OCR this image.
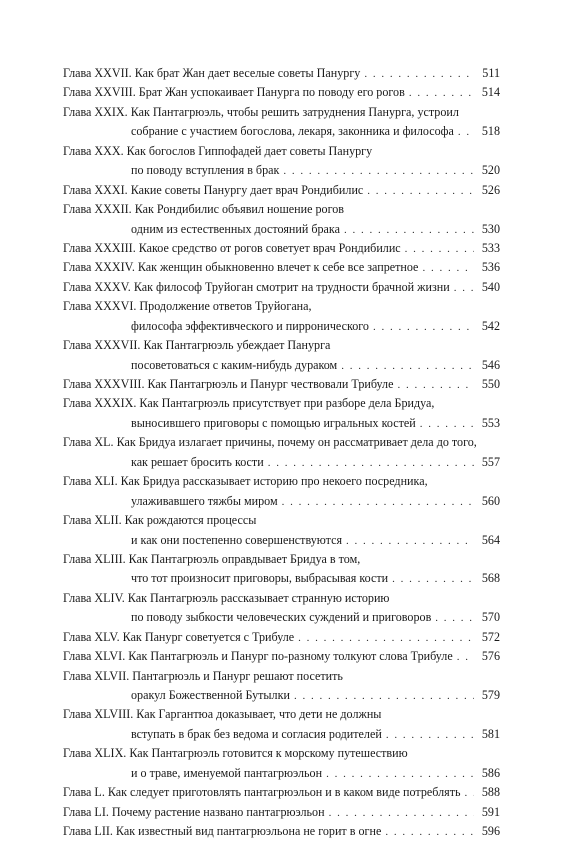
Глава XXVII. Как брат Жан дает веселые советы Панургу . . .	511
Глава XXVIII. Брат Жан успокаивает Панурга по поводу его рогов . . .	514
Глава XXIX. Как Пантагрюэль, чтобы решить затруднения Панурга, устроил
собрание с участием богослова, лекаря, законника и философа . . .	518
Глава XXX. Как богослов Гиппофадей дает советы Панургу
по поводу вступления в брак . . .	520
Глава XXXI. Какие советы Панургу дает врач Рондибилис . . .	526
Глава XXXII. Как Рондибилис объявил ношение рогов
одним из естественных достояний брака . . .	530
Глава XXXIII. Какое средство от рогов советует врач Рондибилис . . .	533
Глава XXXIV. Как женщин обыкновенно влечет к себе все запретное . . .	536
Глава XXXV. Как философ Труйоган смотрит на трудности брачной жизни . . .	540
Глава XXXVI. Продолжение ответов Труйогана,
философа эффективческого и пирронического . . .	542
Глава XXXVII. Как Пантагрюэль убеждает Панурга
посоветоваться с каким-нибудь дураком . . .	546
Глава XXXVIII. Как Пантагрюэль и Панург чествовали Трибуле . . .	550
Глава XXXIX. Как Пантагрюэль присутствует при разборе дела Бридуа,
выносившего приговоры с помощью игральных костей . . .	553
Глава XL. Как Бридуа излагает причины, почему он рассматривает дела до того,
как решает бросить кости . . .	557
Глава XLI. Как Бридуа рассказывает историю про некоего посредника,
улаживавшего тяжбы миром . . .	560
Глава XLII. Как рождаются процессы
и как они постепенно совершенствуются . . .	564
Глава XLIII. Как Пантагрюэль оправдывает Бридуа в том,
что тот произносит приговоры, выбрасывая кости . . .	568
Глава XLIV. Как Пантагрюэль рассказывает странную историю
по поводу зыбкости человеческих суждений и приговоров . . .	570
Глава XLV. Как Панург советуется с Трибуле . . .	572
Глава XLVI. Как Пантагрюэль и Панург по-разному толкуют слова Трибуле . . .	576
Глава XLVII. Пантагрюэль и Панург решают посетить
оракул Божественной Бутылки . . .	579
Глава XLVIII. Как Гаргантюа доказывает, что дети не должны
вступать в брак без ведома и согласия родителей . . .	581
Глава XLIX. Как Пантагрюэль готовится к морскому путешествию
и о траве, именуемой пантагрюэльон . . .	586
Глава L. Как следует приготовлять пантагрюэльон и в каком виде потреблять . . .	588
Глава LI. Почему растение названо пантагрюэльон . . .	591
Глава LII. Как известный вид пантагрюэльона не горит в огне . . .	596
